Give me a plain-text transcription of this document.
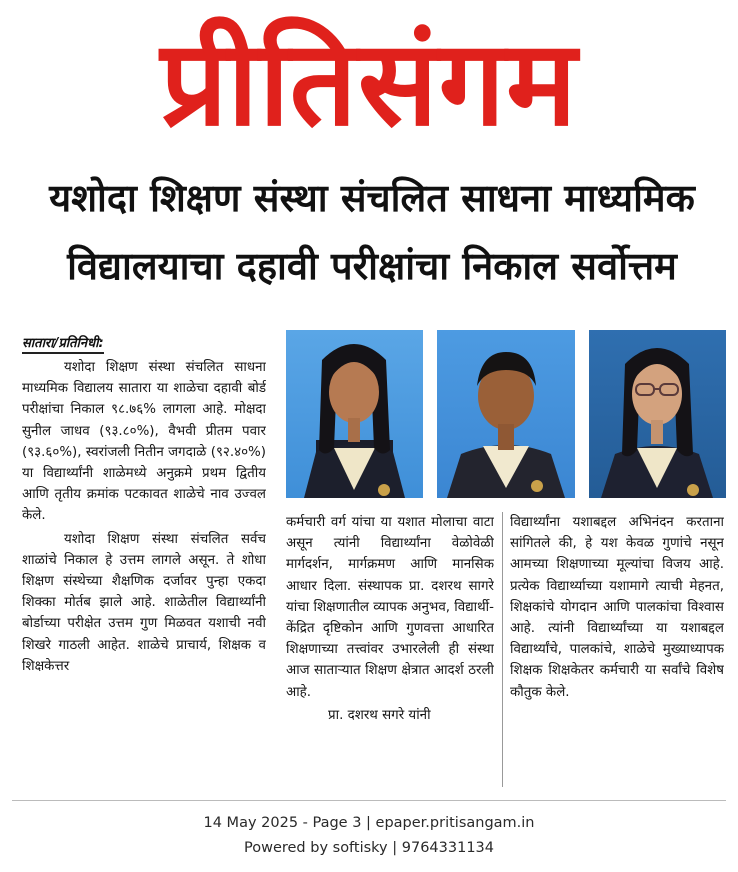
प्रीतिसंगम
यशोदा शिक्षण संस्था संचलित साधना माध्यमिक
विद्यालयाचा दहावी परीक्षांचा निकाल सर्वोत्तम
सातारा/प्रतिनिधी:

यशोदा शिक्षण संस्था संचलित साधना माध्यमिक विद्यालय सातारा या शाळेचा दहावी बोर्ड परीक्षांचा निकाल ९८.७६% लागला आहे. मोक्षदा सुनील जाधव (९३.८०%), वैभवी प्रीतम पवार (९३.६०%), स्वरांजली नितीन जगदाळे (९२.४०%) या विद्यार्थ्यांनी शाळेमध्ये अनुक्रमे प्रथम द्वितीय आणि तृतीय क्रमांक पटकावत शाळेचे नाव उज्वल केले.

यशोदा शिक्षण संस्था संचलित सर्वच शाळांचे निकाल हे उत्तम लागले असून. ते शोधा शिक्षण संस्थेच्या शैक्षणिक दर्जावर पुन्हा एकदा शिक्का मोर्तब झाले आहे. शाळेतील विद्यार्थ्यांनी बोर्डाच्या परीक्षेत उत्तम गुण मिळवत यशाची नवी शिखरे गाठली आहेत. शाळेचे प्राचार्य, शिक्षक व शिक्षकेत्तर

कर्मचारी वर्ग यांचा या यशात मोलाचा वाटा असून त्यांनी विद्यार्थ्यांना वेळोवेळी मार्गदर्शन, मार्गक्रमण आणि मानसिक आधार दिला. संस्थापक प्रा. दशरथ सागरे यांचा शिक्षणातील व्यापक अनुभव, विद्यार्थी-केंद्रित दृष्टिकोन आणि गुणवत्ता आधारित शिक्षणाच्या तत्त्वांवर उभारलेली ही संस्था आज साताऱ्यात शिक्षण क्षेत्रात आदर्श ठरली आहे.

प्रा. दशरथ सगरे यांनी

विद्यार्थ्यांना यशाबद्दल अभिनंदन करताना सांगितले की, हे यश केवळ गुणांचे नसून आमच्या शिक्षणाच्या मूल्यांचा विजय आहे. प्रत्येक विद्यार्थ्याच्या यशामागे त्याची मेहनत, शिक्षकांचे योगदान आणि पालकांचा विश्वास आहे. त्यांनी विद्यार्थ्यांच्या या यशाबद्दल विद्यार्थ्यांचे, पालकांचे, शाळेचे मुख्याध्यापक शिक्षक शिक्षकेतर कर्मचारी या सर्वांचे विशेष कौतुक केले.

14 May 2025 - Page 3 | epaper.pritisangam.in
Powered by softisky | 9764331134
